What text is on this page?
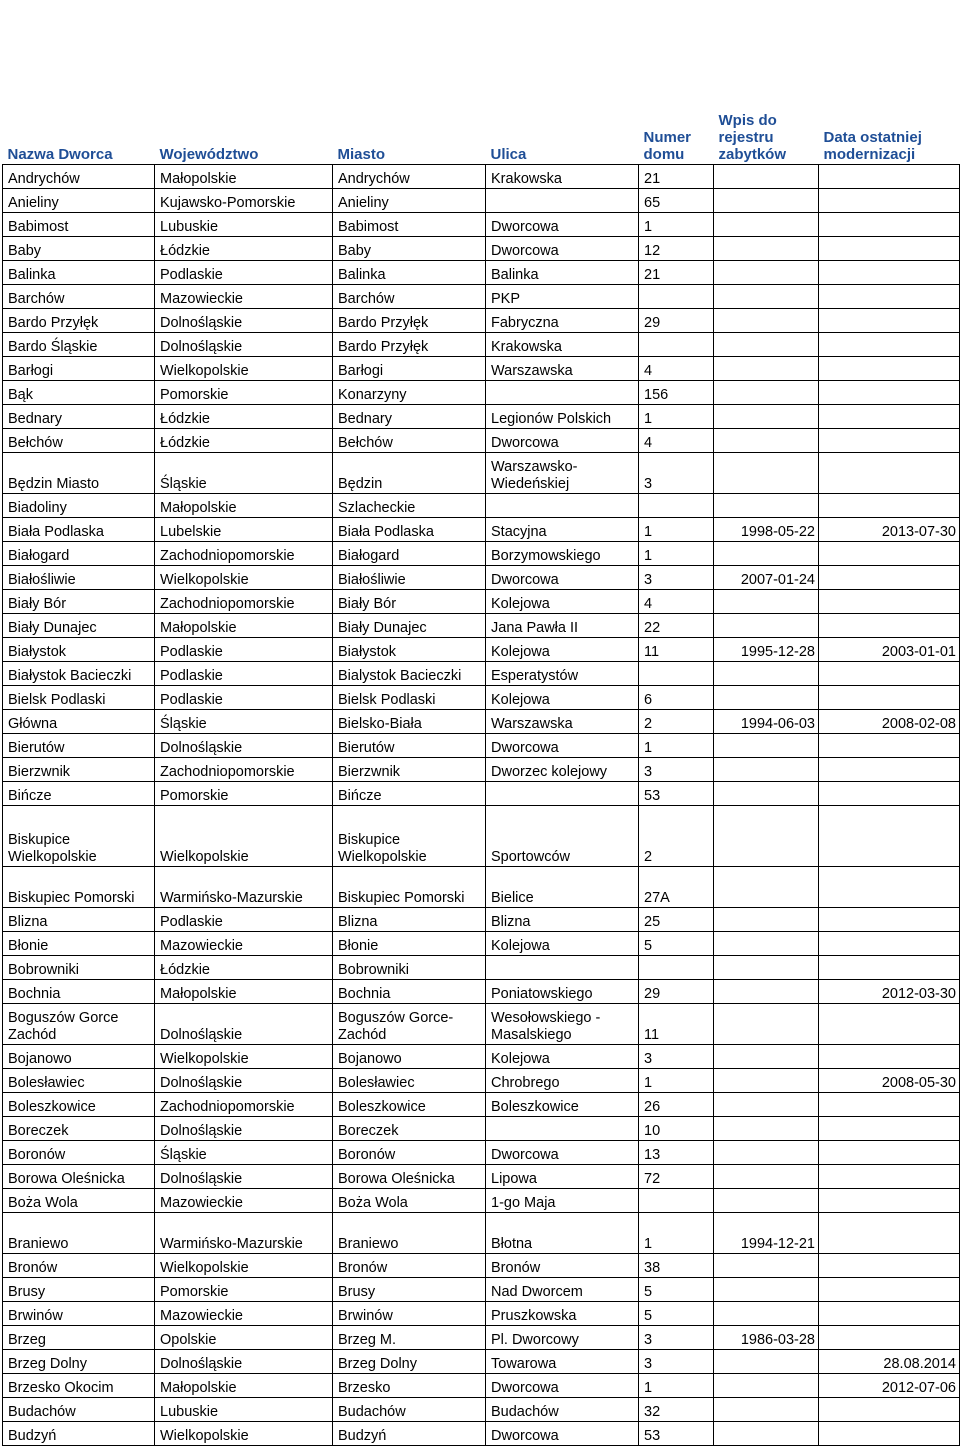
Nazwa Dworca	Województwo	Miasto	Ulica	Numer domu	Wpis do rejestru zabytków	Data ostatniej modernizacji
Andrychów	Małopolskie	Andrychów	Krakowska	21		
Anieliny	Kujawsko-Pomorskie	Anieliny		65		
Babimost	Lubuskie	Babimost	Dworcowa	1		
Baby	Łódzkie	Baby	Dworcowa	12		
Balinka	Podlaskie	Balinka	Balinka	21		
Barchów	Mazowieckie	Barchów	PKP			
Bardo Przyłęk	Dolnośląskie	Bardo Przyłęk	Fabryczna	29		
Bardo Śląskie	Dolnośląskie	Bardo Przyłęk	Krakowska			
Barłogi	Wielkopolskie	Barłogi	Warszawska	4		
Bąk	Pomorskie	Konarzyny		156		
Bednary	Łódzkie	Bednary	Legionów Polskich	1		
Bełchów	Łódzkie	Bełchów	Dworcowa	4		
Będzin Miasto	Śląskie	Będzin	Warszawsko-Wiedeńskiej	3		
Biadoliny	Małopolskie	Szlacheckie				
Biała Podlaska	Lubelskie	Biała Podlaska	Stacyjna	1	1998-05-22	2013-07-30
Białogard	Zachodniopomorskie	Białogard	Borzymowskiego	1		
Białośliwie	Wielkopolskie	Białośliwie	Dworcowa	3	2007-01-24	
Biały Bór	Zachodniopomorskie	Biały Bór	Kolejowa	4		
Biały Dunajec	Małopolskie	Biały Dunajec	Jana Pawła II	22		
Białystok	Podlaskie	Białystok	Kolejowa	11	1995-12-28	2003-01-01
Białystok Bacieczki	Podlaskie	Bialystok Bacieczki	Esperatystów			
Bielsk Podlaski	Podlaskie	Bielsk Podlaski	Kolejowa	6		
Główna	Śląskie	Bielsko-Biała	Warszawska	2	1994-06-03	2008-02-08
Bierutów	Dolnośląskie	Bierutów	Dworcowa	1		
Bierzwnik	Zachodniopomorskie	Bierzwnik	Dworzec kolejowy	3		
Bińcze	Pomorskie	Bińcze		53		
Biskupice Wielkopolskie	Wielkopolskie	Biskupice Wielkopolskie	Sportowców	2		
Biskupiec Pomorski	Warmińsko-Mazurskie	Biskupiec Pomorski	Bielice	27A		
Blizna	Podlaskie	Blizna	Blizna	25		
Błonie	Mazowieckie	Błonie	Kolejowa	5		
Bobrowniki	Łódzkie	Bobrowniki				
Bochnia	Małopolskie	Bochnia	Poniatowskiego	29		2012-03-30
Boguszów Gorce Zachód	Dolnośląskie	Boguszów Gorce-Zachód	Wesołowskiego - Masalskiego	11		
Bojanowo	Wielkopolskie	Bojanowo	Kolejowa	3		
Bolesławiec	Dolnośląskie	Bolesławiec	Chrobrego	1		2008-05-30
Boleszkowice	Zachodniopomorskie	Boleszkowice	Boleszkowice	26		
Boreczek	Dolnośląskie	Boreczek		10		
Boronów	Śląskie	Boronów	Dworcowa	13		
Borowa Oleśnicka	Dolnośląskie	Borowa Oleśnicka	Lipowa	72		
Boża Wola	Mazowieckie	Boża Wola	1-go Maja			
Braniewo	Warmińsko-Mazurskie	Braniewo	Błotna	1	1994-12-21	
Bronów	Wielkopolskie	Bronów	Bronów	38		
Brusy	Pomorskie	Brusy	Nad Dworcem	5		
Brwinów	Mazowieckie	Brwinów	Pruszkowska	5		
Brzeg	Opolskie	Brzeg M.	Pl. Dworcowy	3	1986-03-28	
Brzeg Dolny	Dolnośląskie	Brzeg Dolny	Towarowa	3		28.08.2014
Brzesko Okocim	Małopolskie	Brzesko	Dworcowa	1		2012-07-06
Budachów	Lubuskie	Budachów	Budachów	32		
Budzyń	Wielkopolskie	Budzyń	Dworcowa	53		
